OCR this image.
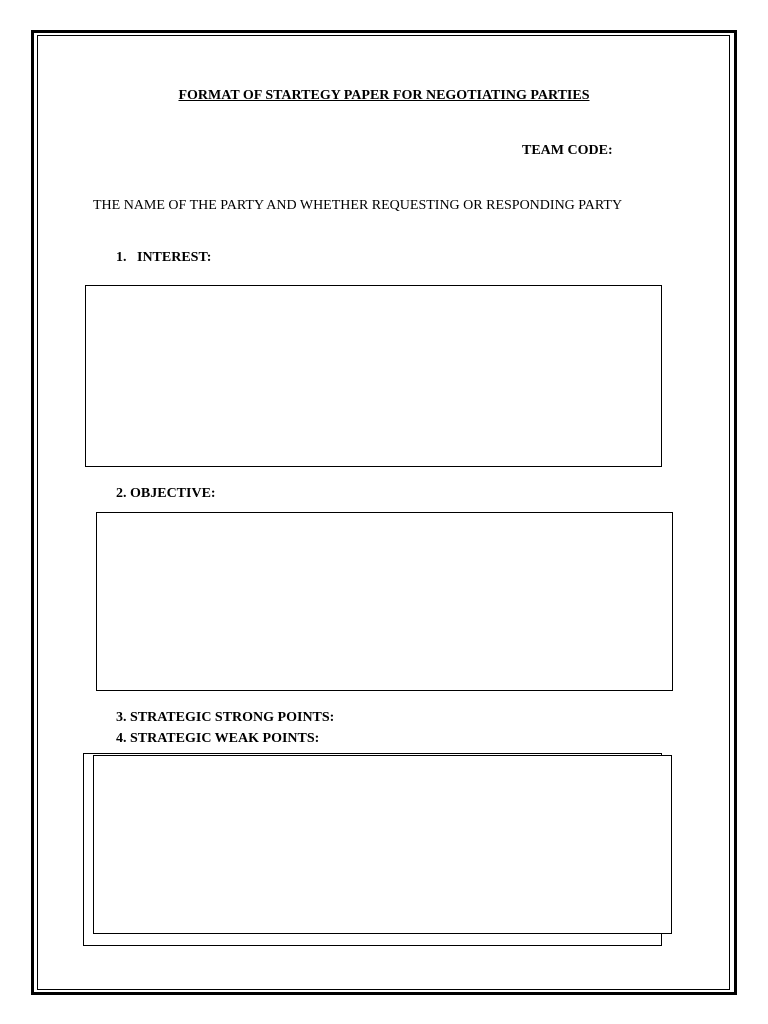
FORMAT OF STARTEGY PAPER FOR NEGOTIATING PARTIES
TEAM CODE:
THE NAME OF THE PARTY AND WHETHER REQUESTING OR RESPONDING PARTY
1. INTEREST:
2. OBJECTIVE:
3. STRATEGIC STRONG POINTS:
4. STRATEGIC WEAK POINTS:
